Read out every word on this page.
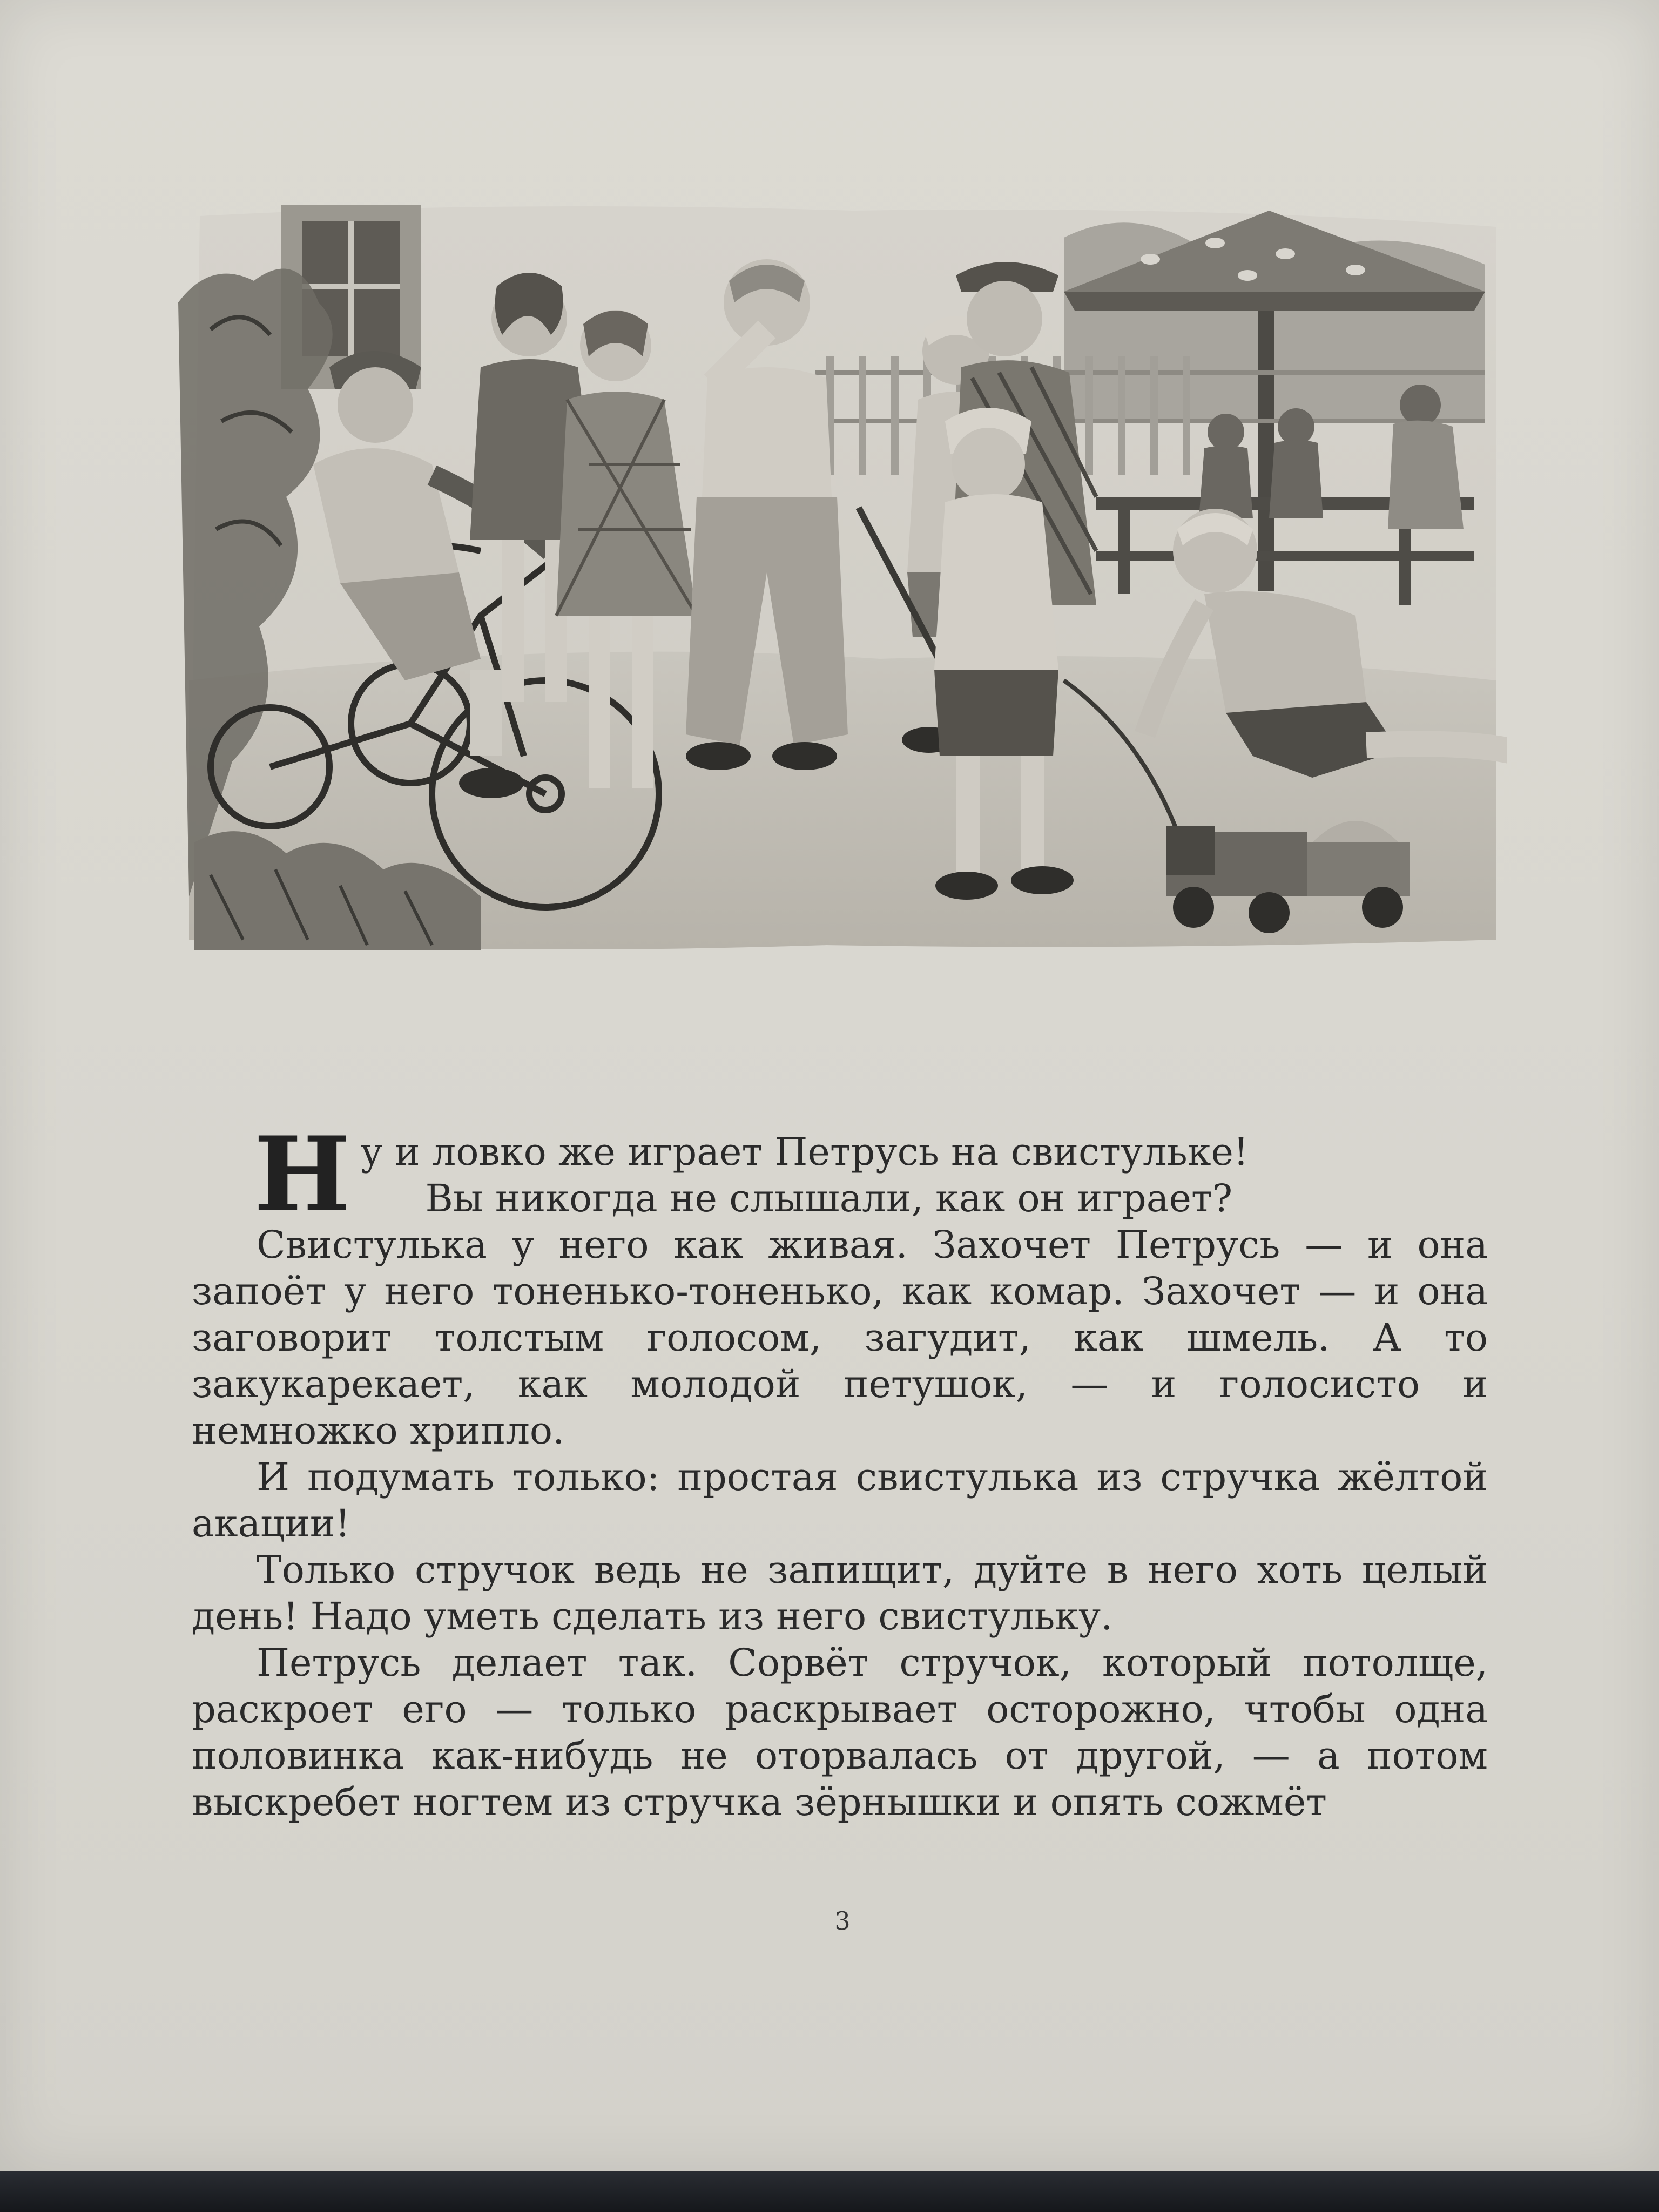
Ну и ловко же играет Петрусь на свистульке!

Вы никогда не слышали, как он играет?

Свистулька у него как живая. Захочет Петрусь — и она запоёт у него тоненько-тоненько, как комар. Захочет — и она заговорит толстым голосом, загудит, как шмель. А то закукарекает, как молодой петушок, — и голосисто и немножко хрипло.

И подумать только: простая свистулька из стручка жёлтой акации!

Только стручок ведь не запищит, дуйте в него хоть целый день! Надо уметь сделать из него свистульку.

Петрусь делает так. Сорвёт стручок, который потолще, раскроет его — только раскрывает осторожно, чтобы одна половинка как-нибудь не оторвалась от другой, — а потом выскребет ногтем из стручка зёрнышки и опять сожмёт

3
